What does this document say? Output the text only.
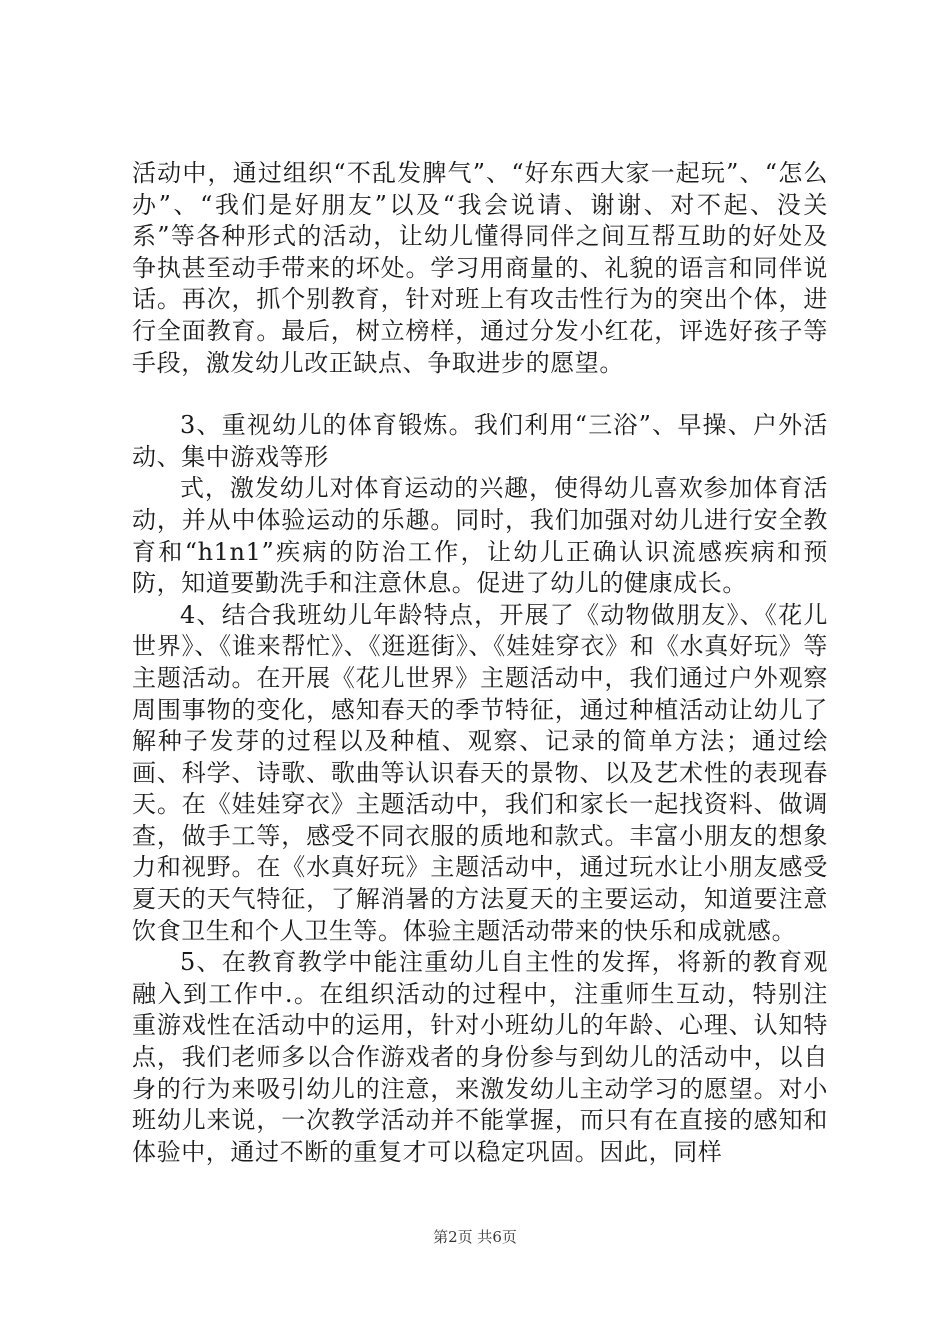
活动中，通过组织“不乱发脾气”、“好东西大家一起玩”、“怎么办”、“我们是好朋友”以及“我会说请、谢谢、对不起、没关系”等各种形式的活动，让幼儿懂得同伴之间互帮互助的好处及争执甚至动手带来的坏处。学习用商量的、礼貌的语言和同伴说话。再次，抓个别教育，针对班上有攻击性行为的突出个体，进行全面教育。最后，树立榜样，通过分发小红花，评选好孩子等手段，激发幼儿改正缺点、争取进步的愿望。

3、重视幼儿的体育锻炼。我们利用“三浴”、早操、户外活动、集中游戏等形

式，激发幼儿对体育运动的兴趣，使得幼儿喜欢参加体育活动，并从中体验运动的乐趣。同时，我们加强对幼儿进行安全教育和“h1n1”疾病的防治工作，让幼儿正确认识流感疾病和预防，知道要勤洗手和注意休息。促进了幼儿的健康成长。

4、结合我班幼儿年龄特点，开展了《动物做朋友》、《花儿世界》、《谁来帮忙》、《逛逛街》、《娃娃穿衣》和《水真好玩》等主题活动。在开展《花儿世界》主题活动中，我们通过户外观察周围事物的变化，感知春天的季节特征，通过种植活动让幼儿了解种子发芽的过程以及种植、观察、记录的简单方法；通过绘画、科学、诗歌、歌曲等认识春天的景物、以及艺术性的表现春天。在《娃娃穿衣》主题活动中，我们和家长一起找资料、做调查，做手工等，感受不同衣服的质地和款式。丰富小朋友的想象力和视野。在《水真好玩》主题活动中，通过玩水让小朋友感受夏天的天气特征，了解消暑的方法夏天的主要运动，知道要注意饮食卫生和个人卫生等。体验主题活动带来的快乐和成就感。

5、在教育教学中能注重幼儿自主性的发挥，将新的教育观融入到工作中.。在组织活动的过程中，注重师生互动，特别注重游戏性在活动中的运用，针对小班幼儿的年龄、心理、认知特点，我们老师多以合作游戏者的身份参与到幼儿的活动中，以自身的行为来吸引幼儿的注意，来激发幼儿主动学习的愿望。对小班幼儿来说，一次教学活动并不能掌握，而只有在直接的感知和体验中，通过不断的重复才可以稳定巩固。因此，同样

第2页 共6页
